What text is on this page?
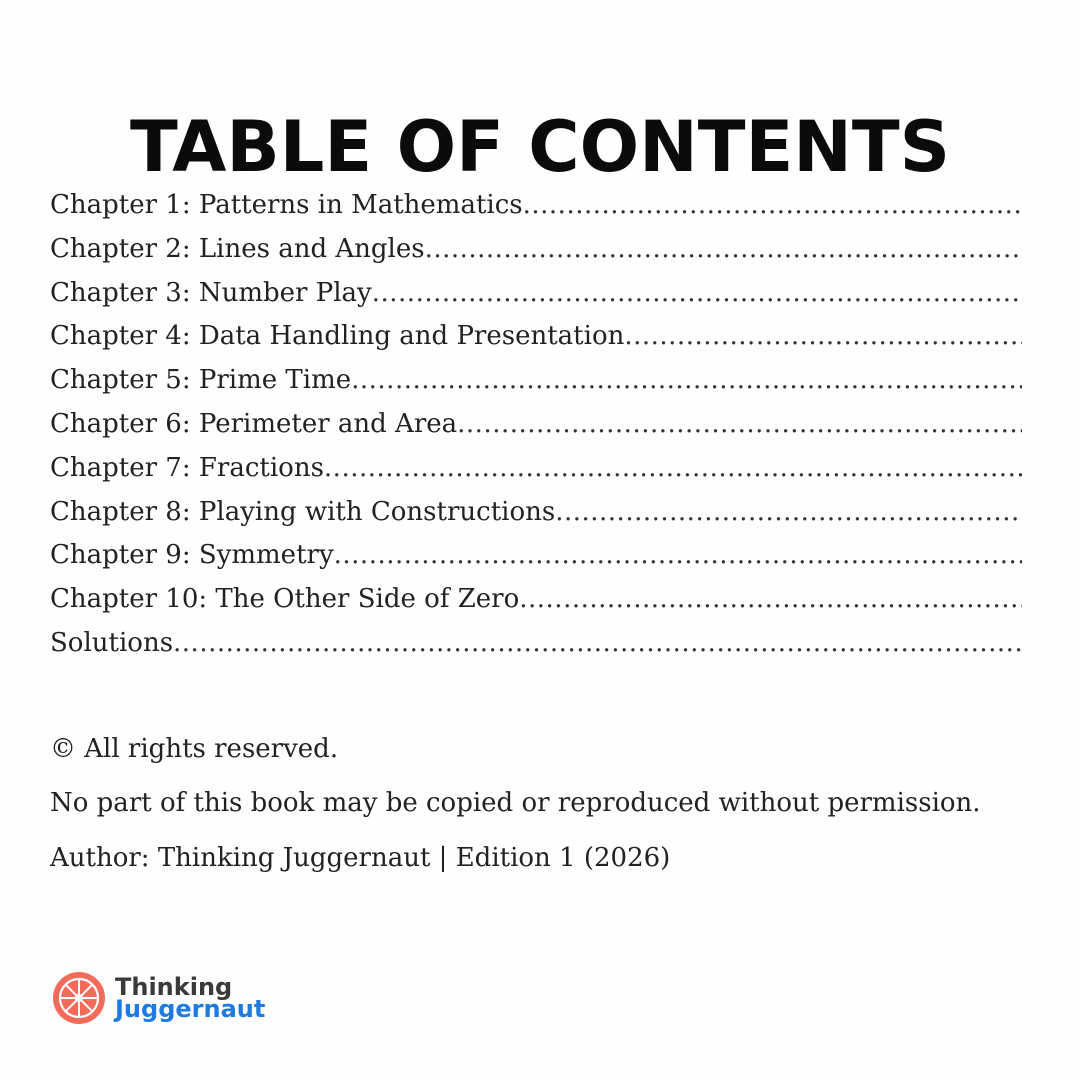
TABLE OF CONTENTS
Chapter 1: Patterns in Mathematics
.....
Chapter 2: Lines and Angles
.....
Chapter 3: Number Play
.....
Chapter 4: Data Handling and Presentation
.....
Chapter 5: Prime Time
.....
Chapter 6: Perimeter and Area
.....
Chapter 7: Fractions
.....
Chapter 8: Playing with Constructions
.....
Chapter 9: Symmetry
.....
Chapter 10: The Other Side of Zero
.....
Solutions
.....

© All rights reserved.

No part of this book may be copied or reproduced without permission.

Author: Thinking Juggernaut | Edition 1 (2026)

Thinking
Juggernaut
